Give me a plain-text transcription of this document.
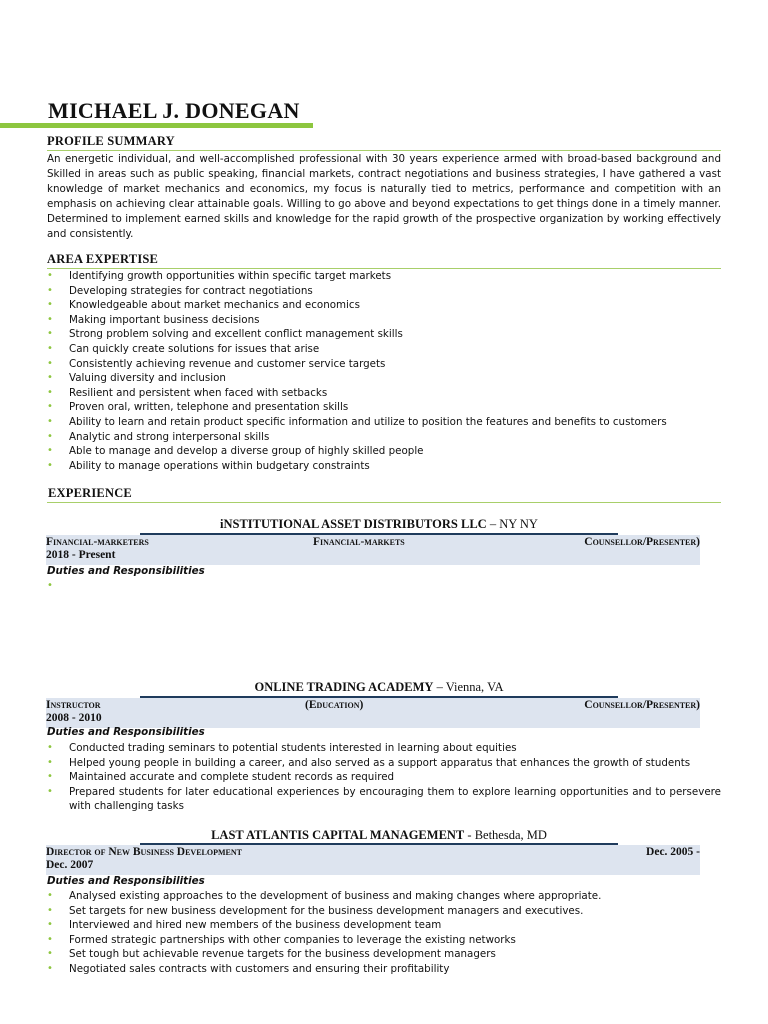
MICHAEL J. DONEGAN
PROFILE SUMMARY
An energetic individual, and well-accomplished professional with 30 years experience armed with broad-based background and Skilled in areas such as public speaking, financial markets, contract negotiations and business strategies, I have gathered a vast knowledge of market mechanics and economics, my focus is naturally tied to metrics, performance and competition with an emphasis on achieving clear attainable goals. Willing to go above and beyond expectations to get things done in a timely manner. Determined to implement earned skills and knowledge for the rapid growth of the prospective organization by working effectively and consistently.
AREA EXPERTISE
• Identifying growth opportunities within specific target markets
• Developing strategies for contract negotiations
• Knowledgeable about market mechanics and economics
• Making important business decisions
• Strong problem solving and excellent conflict management skills
• Can quickly create solutions for issues that arise
• Consistently achieving revenue and customer service targets
• Valuing diversity and inclusion
• Resilient and persistent when faced with setbacks
• Proven oral, written, telephone and presentation skills
• Ability to learn and retain product specific information and utilize to position the features and benefits to customers
• Analytic and strong interpersonal skills
• Able to manage and develop a diverse group of highly skilled people
• Ability to manage operations within budgetary constraints
EXPERIENCE
iNSTITUTIONAL ASSET DISTRIBUTORS LLC – NY NY
Financial-marketers	Financial-markets	Counsellor/Presenter)
2018 - Present
Duties and Responsibilities
•
ONLINE TRADING ACADEMY – Vienna, VA
Instructor	(Education)	Counsellor/Presenter)
2008 - 2010
Duties and Responsibilities
• Conducted trading seminars to potential students interested in learning about equities
• Helped young people in building a career, and also served as a support apparatus that enhances the growth of students
• Maintained accurate and complete student records as required
• Prepared students for later educational experiences by encouraging them to explore learning opportunities and to persevere with challenging tasks
LAST ATLANTIS CAPITAL MANAGEMENT - Bethesda, MD
Director of New Business Development	Dec. 2005 -
Dec. 2007
Duties and Responsibilities
• Analysed existing approaches to the development of business and making changes where appropriate.
• Set targets for new business development for the business development managers and executives.
• Interviewed and hired new members of the business development team
• Formed strategic partnerships with other companies to leverage the existing networks
• Set tough but achievable revenue targets for the business development managers
• Negotiated sales contracts with customers and ensuring their profitability
